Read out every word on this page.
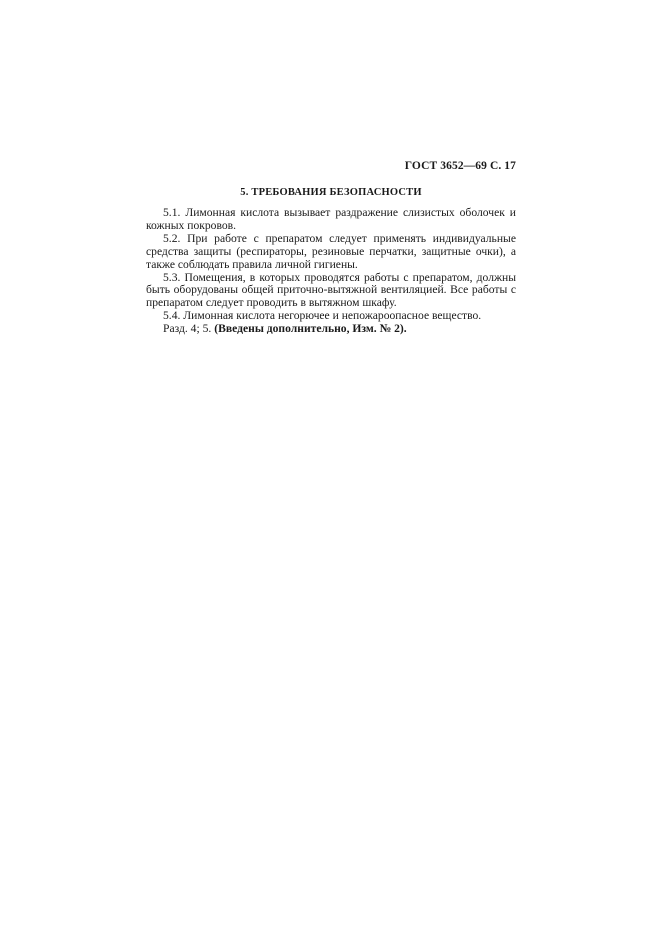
ГОСТ 3652—69 С. 17
5. ТРЕБОВАНИЯ БЕЗОПАСНОСТИ

5.1. Лимонная кислота вызывает раздражение слизистых оболочек и кожных покровов.

5.2. При работе с препаратом следует применять индивидуальные средства защиты (респираторы, резиновые перчатки, защитные очки), а также соблюдать правила личной гигиены.

5.3. Помещения, в которых проводятся работы с препаратом, должны быть оборудованы общей приточно-вытяжной вентиляцией. Все работы с препаратом следует проводить в вытяжном шкафу.

5.4. Лимонная кислота негорючее и непожароопасное вещество.

Разд. 4; 5. (Введены дополнительно, Изм. № 2).
